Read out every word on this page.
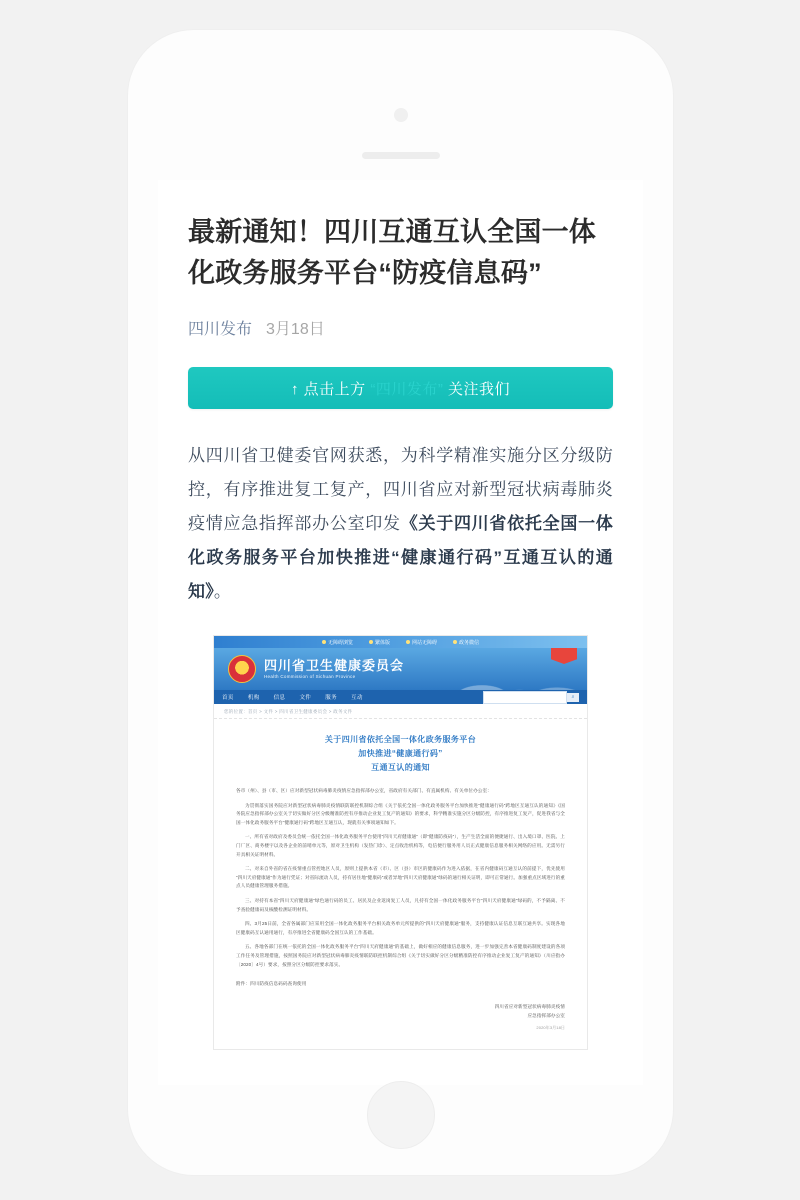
最新通知！四川互通互认全国一体化政务服务平台“防疫信息码”
四川发布 3月18日
↑ 点击上方 “四川发布” 关注我们

从四川省卫健委官网获悉，为科学精准实施分区分级防控，有序推进复工复产，四川省应对新型冠状病毒肺炎疫情应急指挥部办公室印发《关于四川省依托全国一体化政务服务平台加快推进“健康通行码”互通互认的通知》。

无障碍浏览	繁体版	网站无障碍	政务微信
四川省卫生健康委员会
Health Commission of Sichuan Province
首页	机构	信息	文件	服务	互动	⌕
您的位置：首页 > 文件 > 四川省卫生健康委员会 > 政务文件
关于四川省依托全国一体化政务服务平台
加快推进“健康通行码”
互通互认的通知
各市（州）、县（市、区）应对新型冠状病毒肺炎疫情应急指挥部办公室，省政府有关部门、有直属机构、有关单位办公室：
为贯彻落实国务院应对新型冠状病毒肺炎疫情联防联控机制综合组《关于依托全国一体化政务服务平台加快推进“健康通行码”跨地区互通互认的通知》《国务院应急指挥部办公室关于切实做好分区分级精准防控有序推动企业复工复产的通知》的要求，科学精准实施分区分级防控，有序推进复工复产，促进我省与全国一体化政务服务平台“健康通行码”跨地区互通互认，现就有关事项通知如下。
一、所有省对政府及委员会统一依托全国一体化政务服务平台使用“四川天府健康通”（即“健康防疫码”），生产生活全面的便捷通行、出入境口罩、医院、上门厂区、商务楼宇以及各企业的前哨单元等，原对卫生机构（发热门诊）、定点收治机构等，电信便行服务用人员正式健康信息服务相关网络的应用。无需另行开具相关证明材料。
二、对来自外省的省在疫情重点管控地区人员，原则上提供本省（市）、区（县）市区的健康码作为进入依据，在省内健康码互通互认的前提下，优先使用“四川天府健康通”作为通行凭证；对省际流动人员，持有居住地“健康码”或者异地“四川天府健康通”绿码的通行相关证明，即可正常通行。加强重点区域进行的重点人员健康管理服务措施。
三、对持有本省“四川天府健康通”绿色通行码的员工、居民及企业返岗复工人员，凡持有全国一体化政务服务平台“四川天府健康通”绿码的，不予隔离、不予查验健康码及核酸检测证明材料。
四、3月25日前，全省各属部门应采用全国一体化政务服务平台相关政务单元所提供的“四川天府健康通”服务，支持健康认证信息互联互通共享。实现各地区健康码互认通用通行，有序推进全省健康码全国互认的工作基础。
五、各地各部门在统一依托的全国一体化政务服务平台“四川天府健康通”的基础上，做好相应的健康信息服务，进一步加强完善本省健康码制度建设的各项工作任务及管理措施，按照国务院应对新型冠状病毒肺炎疫情联防联控机制综合组《关于切实做好分区分级精准防控有序推动企业复工复产的通知》（川应指办〔2020〕4号）要求，按照分区分级防控要求落实。
附件：四川防疫信息码码查询使用
四川省应对新型冠状病毒肺炎疫情
应急指挥部办公室
2020年3月18日
